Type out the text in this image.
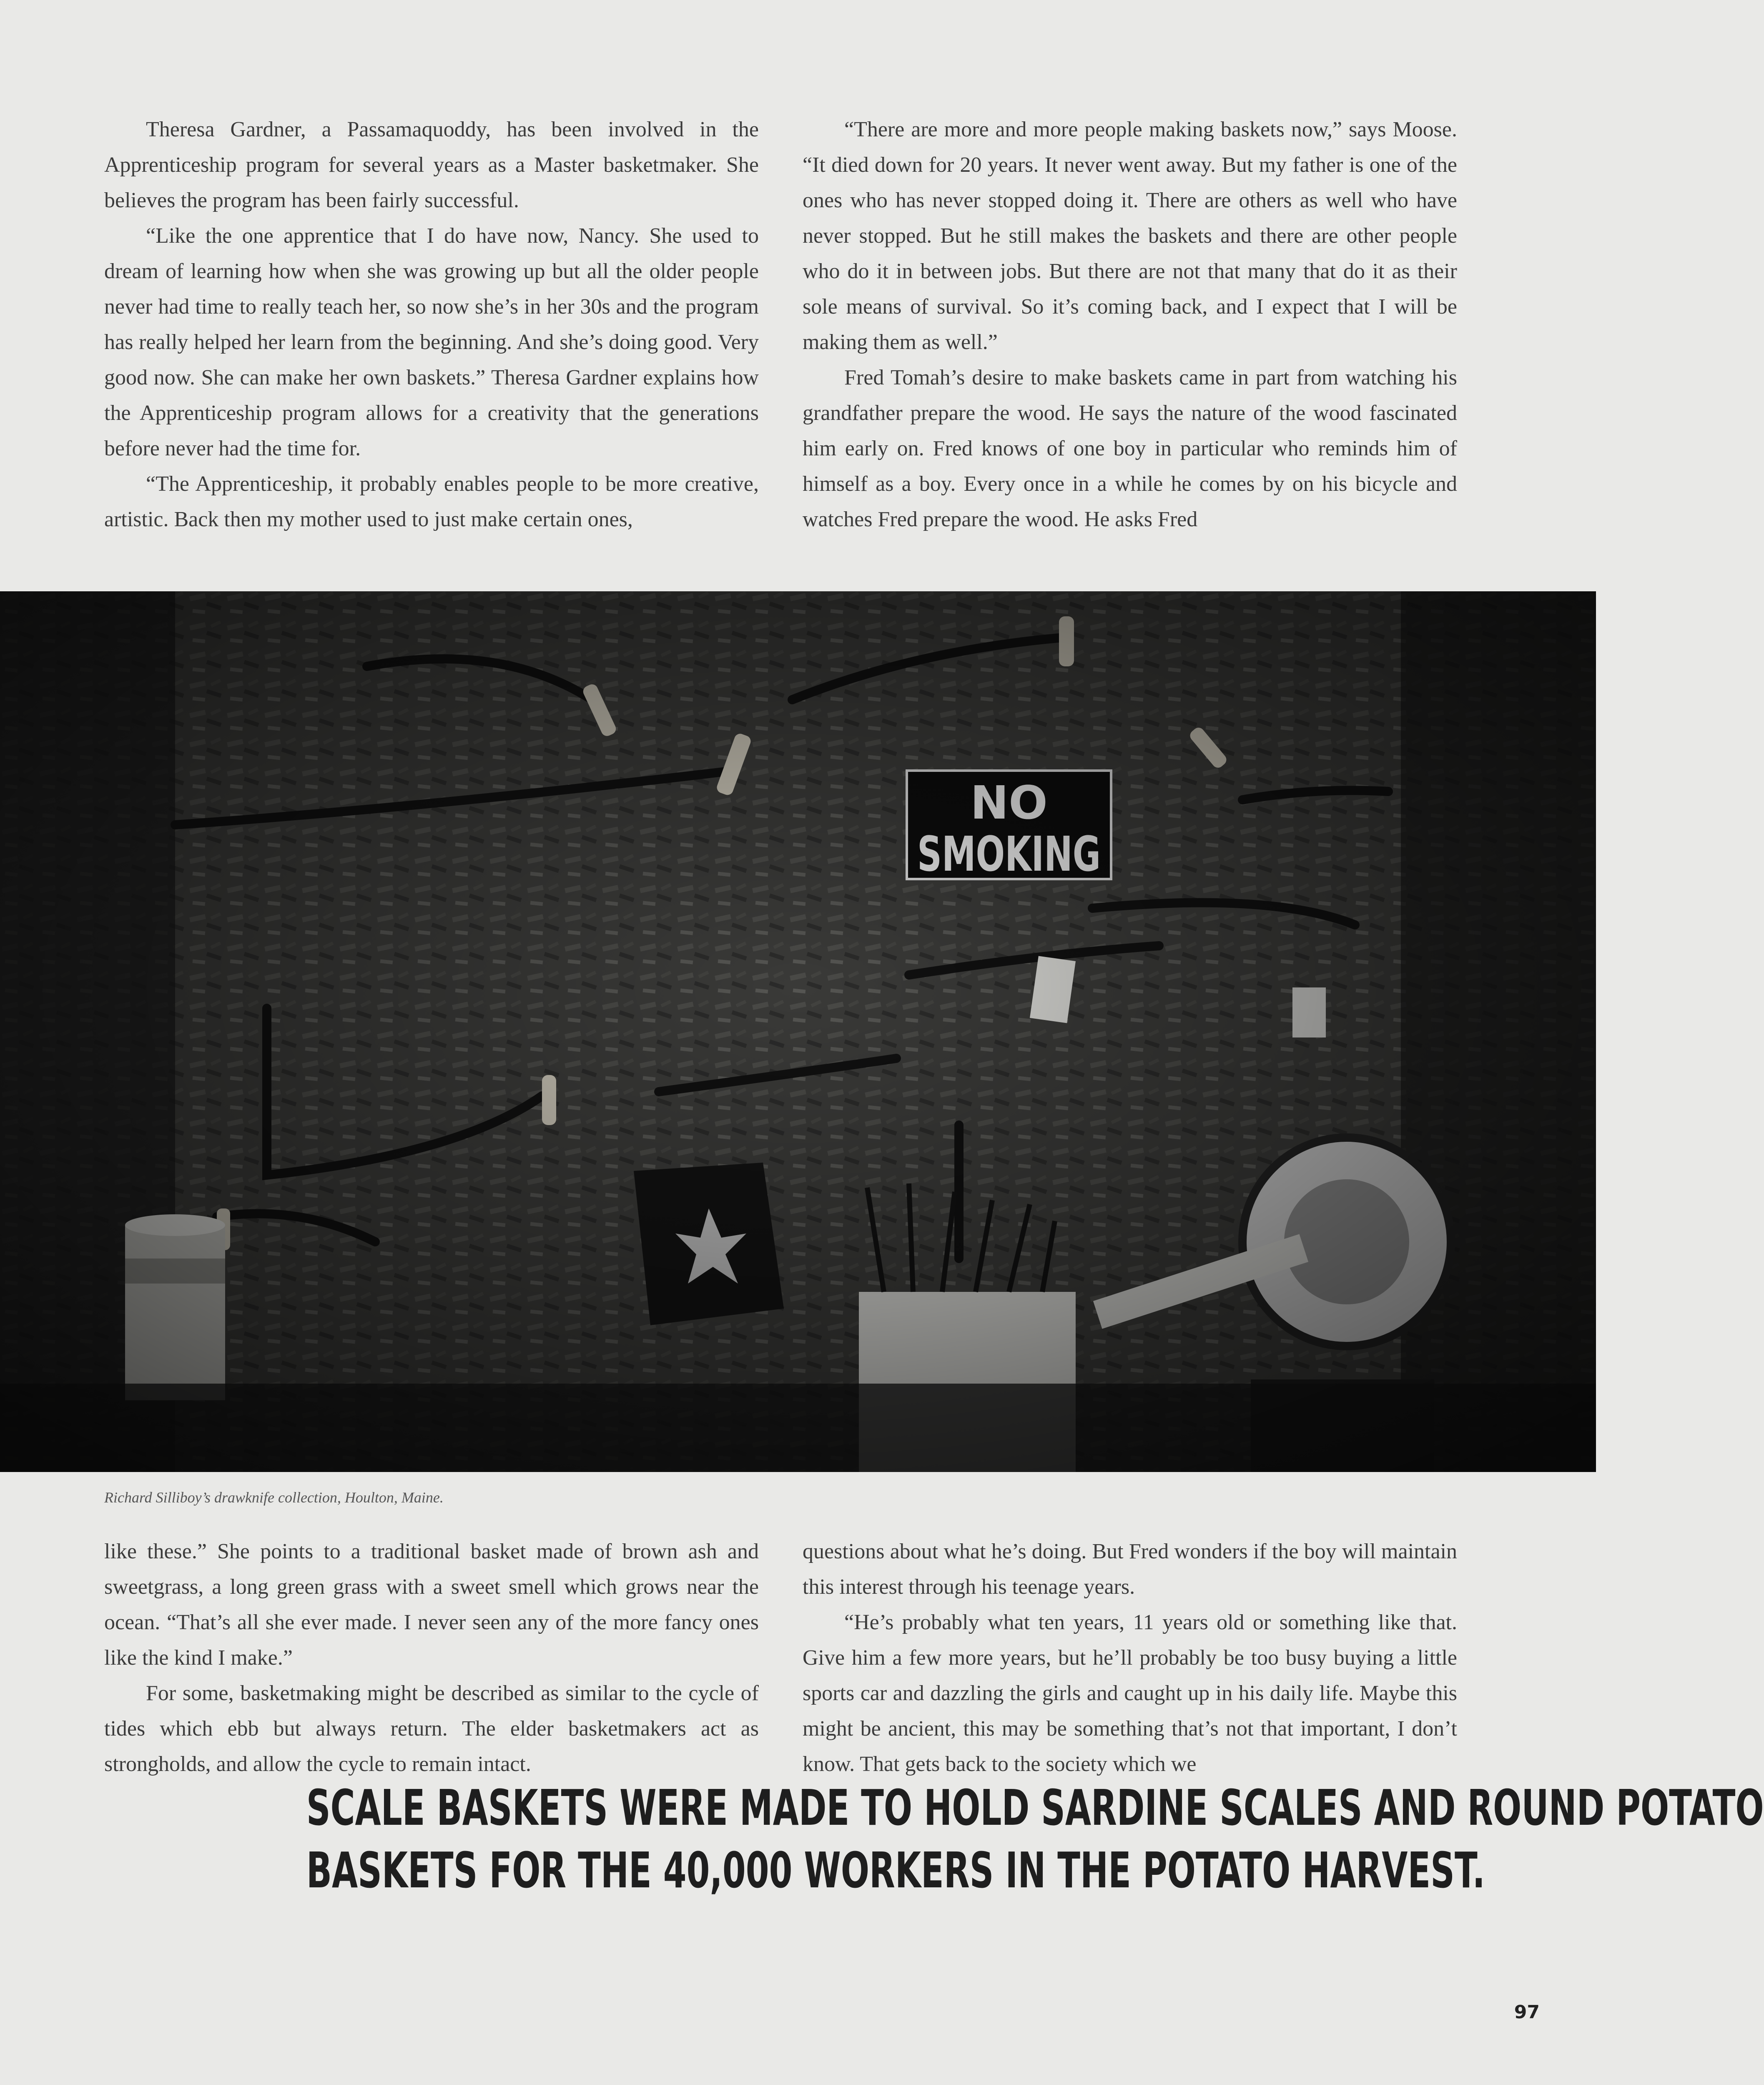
Theresa Gardner, a Passamaquoddy, has been involved in the Apprenticeship program for several years as a Master basketmaker. She believes the program has been fairly successful.

“Like the one apprentice that I do have now, Nancy. She used to dream of learning how when she was growing up but all the older people never had time to really teach her, so now she’s in her 30s and the program has really helped her learn from the beginning. And she’s doing good. Very good now. She can make her own baskets.” Theresa Gardner explains how the Apprenticeship program allows for a creativity that the generations before never had the time for.

“The Apprenticeship, it probably enables people to be more creative, artistic. Back then my mother used to just make certain ones,

“There are more and more people making baskets now,” says Moose. “It died down for 20 years. It never went away. But my father is one of the ones who has never stopped doing it. There are others as well who have never stopped. But he still makes the baskets and there are other people who do it in between jobs. But there are not that many that do it as their sole means of survival. So it’s coming back, and I expect that I will be making them as well.”

Fred Tomah’s desire to make baskets came in part from watching his grandfather prepare the wood. He says the nature of the wood fascinated him early on. Fred knows of one boy in particular who reminds him of himself as a boy. Every once in a while he comes by on his bicycle and watches Fred prepare the wood. He asks Fred

Richard Silliboy’s drawknife collection, Houlton, Maine.

like these.” She points to a traditional basket made of brown ash and sweetgrass, a long green grass with a sweet smell which grows near the ocean. “That’s all she ever made. I never seen any of the more fancy ones like the kind I make.”

For some, basketmaking might be described as similar to the cycle of tides which ebb but always return. The elder basketmakers act as strongholds, and allow the cycle to remain intact.

questions about what he’s doing. But Fred wonders if the boy will maintain this interest through his teenage years.

“He’s probably what ten years, 11 years old or something like that. Give him a few more years, but he’ll probably be too busy buying a little sports car and dazzling the girls and caught up in his daily life. Maybe this might be ancient, this may be something that’s not that important, I don’t know. That gets back to the society which we

SCALE BASKETS WERE MADE TO HOLD SARDINE SCALES AND ROUND POTATO
BASKETS FOR THE 40,000 WORKERS IN THE POTATO HARVEST.
97
